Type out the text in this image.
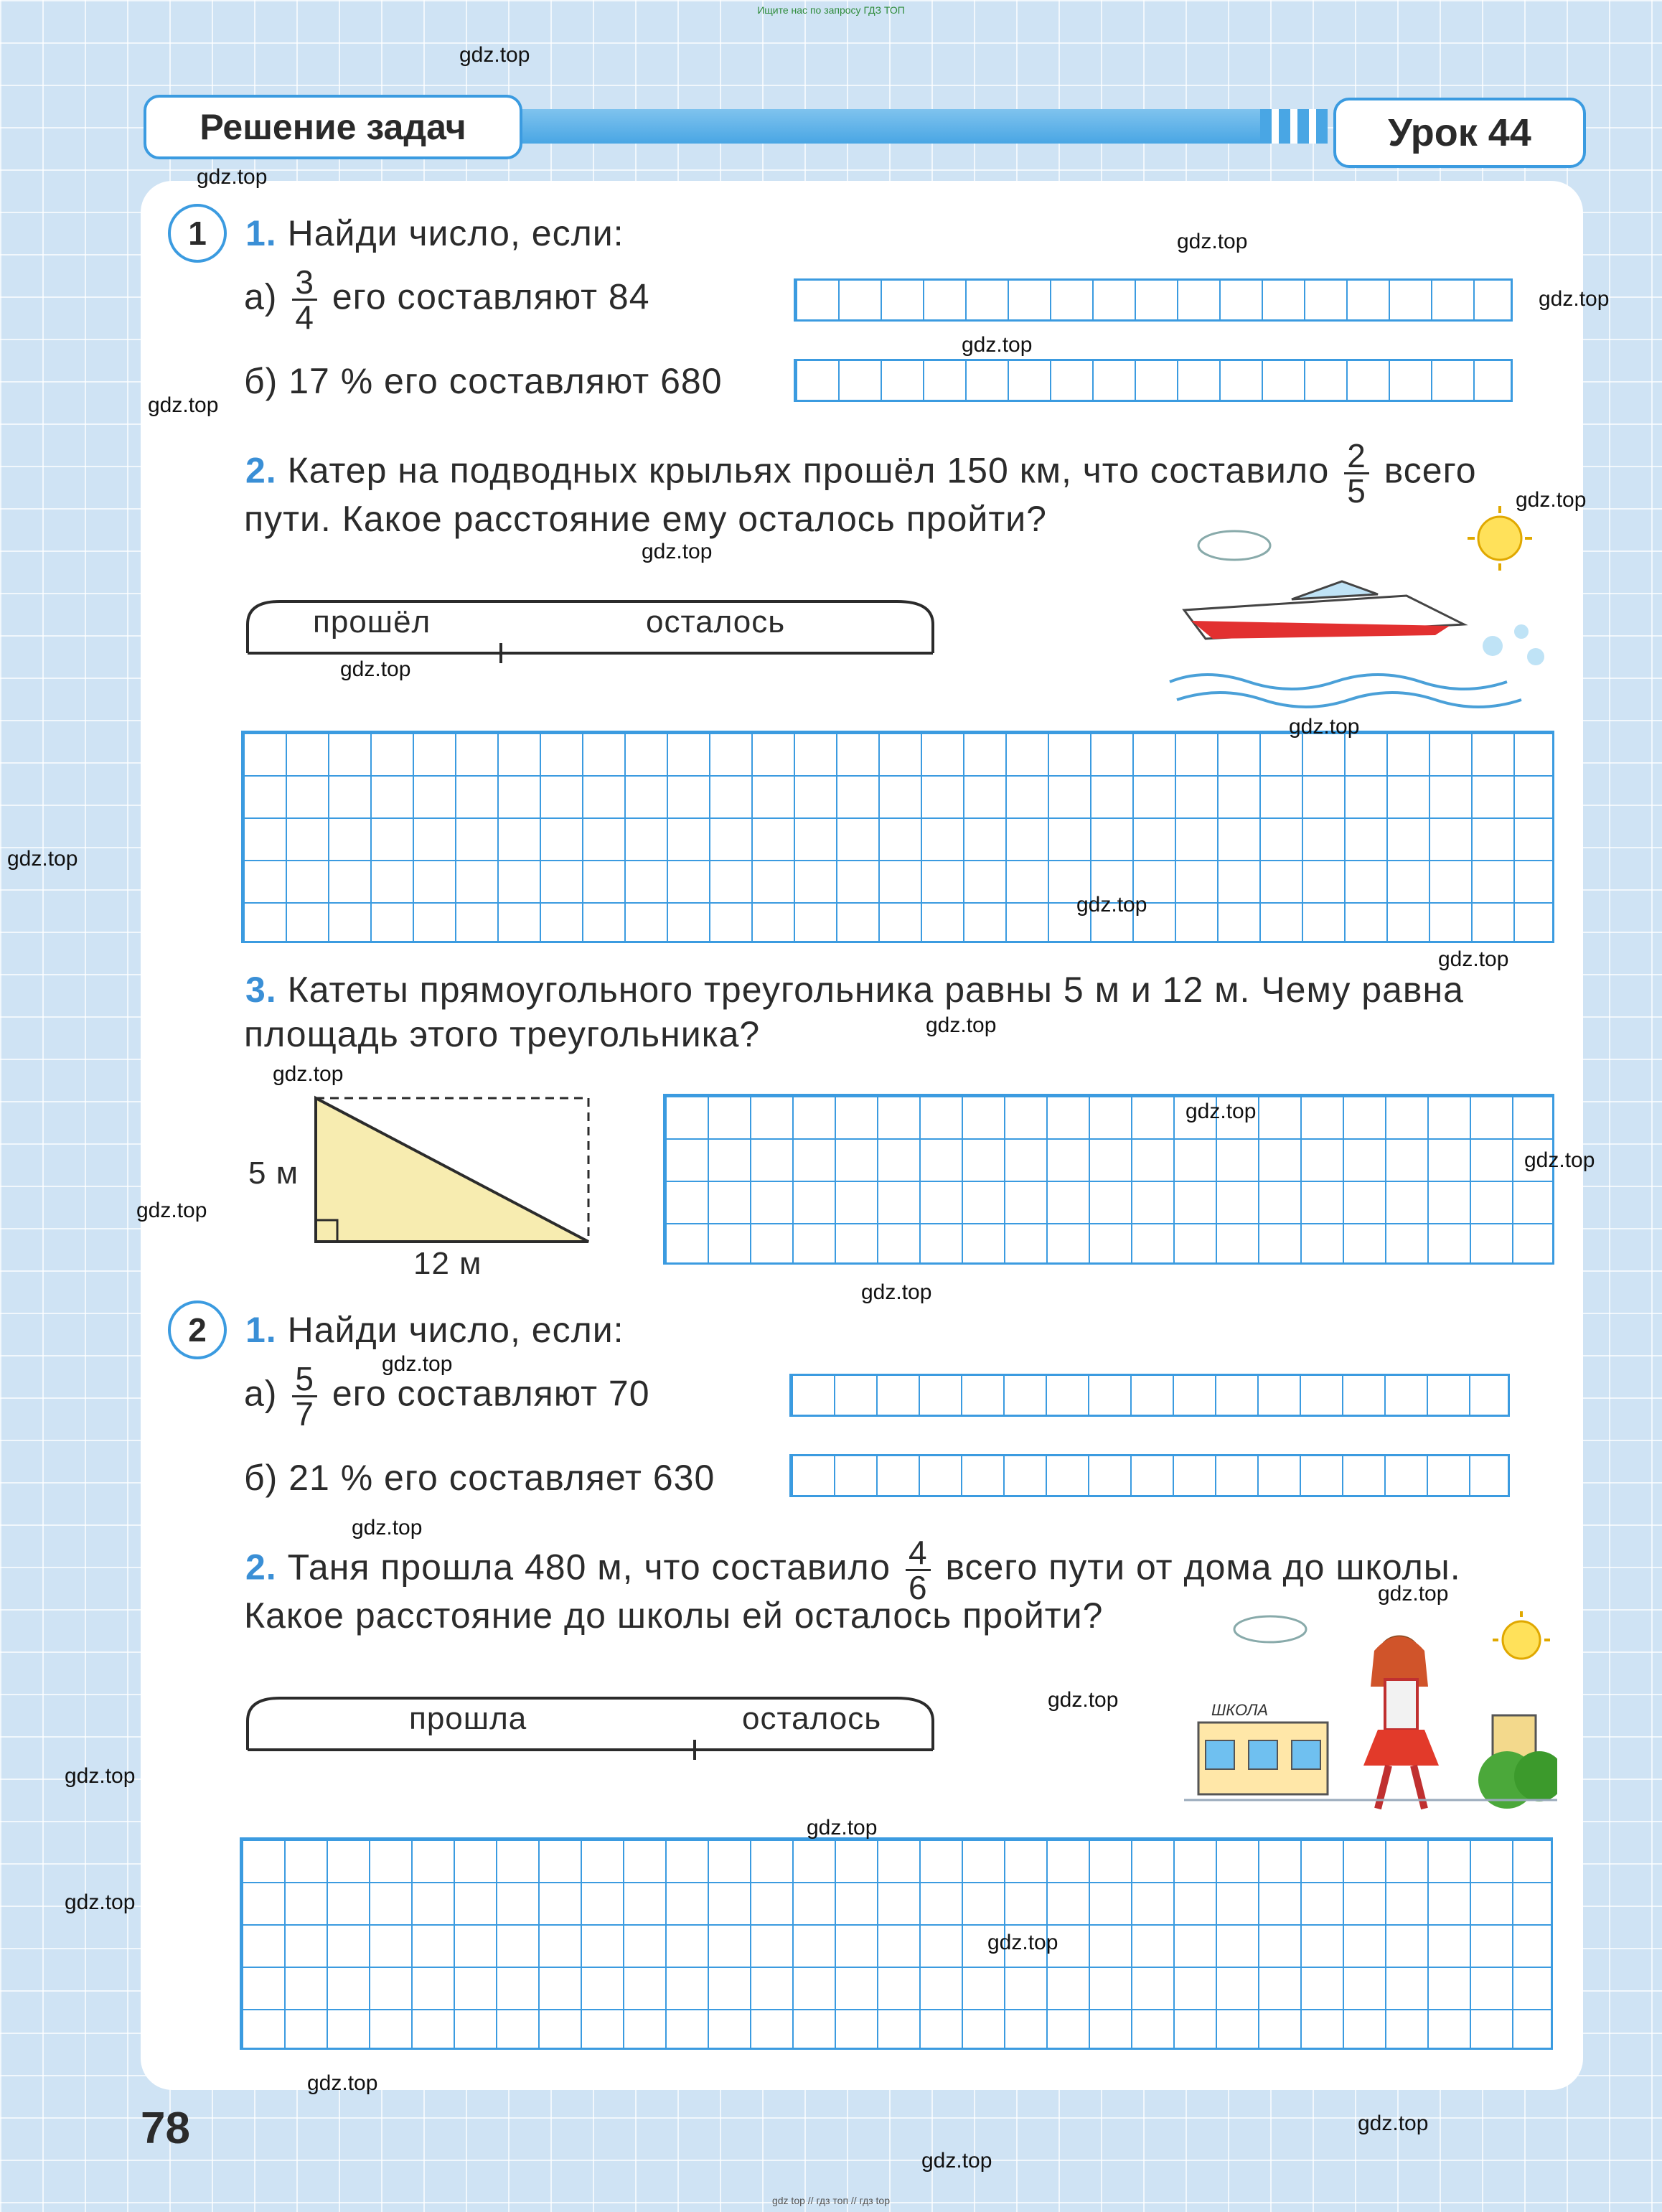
Ищите нас по запросу ГДЗ ТОП
Решение задач	Урок 44
1 1. Найди число, если:
$а) \frac{3}{4}$ его составляют 84
б) 17 % его составляют 680
2. Катер на подводных крыльях прошёл 150 км, что составило $\frac{2}{5}$ всего
пути. Какое расстояние ему осталось пройти?
прошёл	осталось
3. Катеты прямоугольного треугольника равны 5 м и 12 м. Чему равна
площадь этого треугольника?
5 м
12 м
2 1. Найди число, если:
$а) \frac{5}{7}$ его составляют 70
б) 21 % его составляет 630
2. Таня прошла 480 м, что составило $\frac{4}{6}$ всего пути от дома до школы.
Какое расстояние до школы ей осталось пройти?
прошла	осталось	ШКОЛА
78
gdz.top
gdz.top
gdz.top
gdz.top
gdz.top
gdz.top
gdz.top
gdz.top
gdz.top
gdz.top
gdz.top
gdz.top
gdz.top
gdz.top
gdz.top
gdz.top
gdz.top
gdz.top
gdz.top
gdz.top
gdz.top
gdz.top
gdz.top
gdz.top
gdz.top
gdz.top
gdz.top
gdz.top
gdz.top
gdz.top
gdz top // гдз топ // гдз top
